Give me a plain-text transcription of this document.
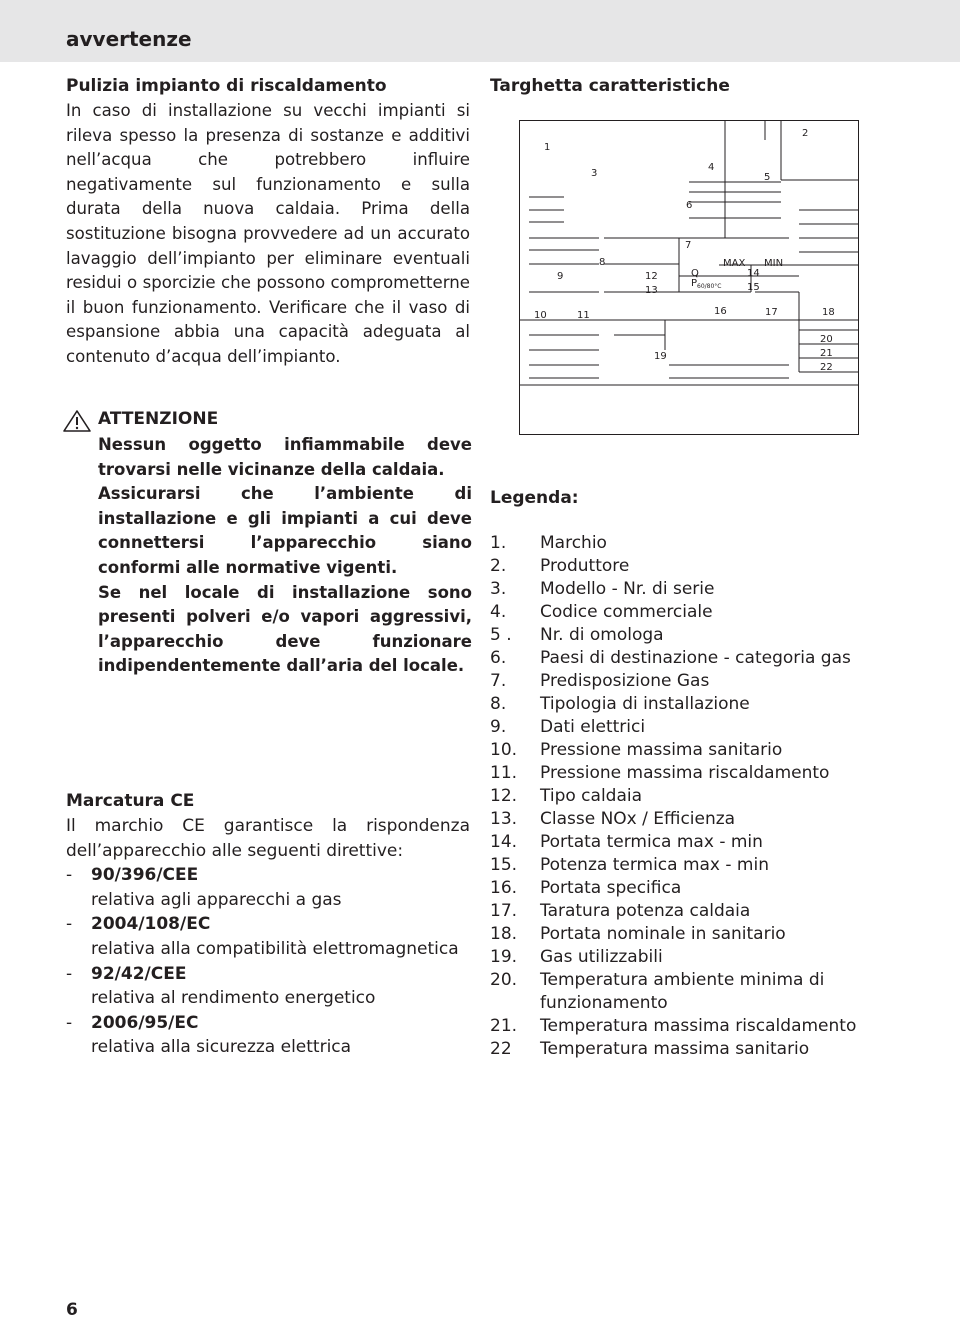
avvertenze

Pulizia impianto di riscaldamento

In caso di installazione su vecchi impianti si rileva spesso la presenza di sostanze e additivi nell’acqua che potrebbero influire negativamente sul funzionamento e sulla durata della nuova caldaia. Prima della sostituzione bisogna provvedere ad un accurato lavaggio dell’impianto per eliminare eventuali residui o sporcizie che possono comprometterne il buon funzionamento. Verificare che il vaso di espansione abbia una capacità adeguata al contenuto d’acqua dell’impianto.

Targhetta caratteristiche
1
2
3
4
5
6
7
8
9
10	11
12
13
14
15
16	17	18
19
20
21
22
MAX MIN
Q
P 60/80°C
ATTENZIONE

Nessun oggetto infiammabile deve trovarsi nelle vicinanze della caldaia.

Assicurarsi che l’ambiente di installazione e gli impianti a cui deve connettersi l’apparecchio siano conformi alle normative vigenti.

Se nel locale di installazione sono presenti polveri e/o vapori aggressivi, l’apparecchio deve funzionare indipendentemente dall’aria del locale.

Legenda:

1.	Marchio
2.	Produttore
3.	Modello - Nr. di serie
4.	Codice commerciale
5 .	Nr. di omologa
6.	Paesi di destinazione - categoria gas
7.	Predisposizione Gas
8.	Tipologia di installazione
9.	Dati elettrici
10.	Pressione massima sanitario
11.	Pressione massima riscaldamento
12.	Tipo caldaia
13.	Classe NOx / Efficienza
14.	Portata termica max - min
15.	Potenza termica max - min
16.	Portata specifica
17.	Taratura potenza caldaia
18.	Portata nominale in sanitario
19.	Gas utilizzabili
20.	Temperatura ambiente minima di funzionamento
21.	Temperatura massima riscaldamento
22	Temperatura massima sanitario

Marcatura CE

Il marchio CE garantisce la rispondenza dell’apparecchio alle seguenti direttive:

-	90/396/CEE
relativa agli apparecchi a gas
-	2004/108/EC
relativa alla compatibilità elettromagnetica
-	92/42/CEE
relativa al rendimento energetico
-	2006/95/EC
relativa alla sicurezza elettrica
6
